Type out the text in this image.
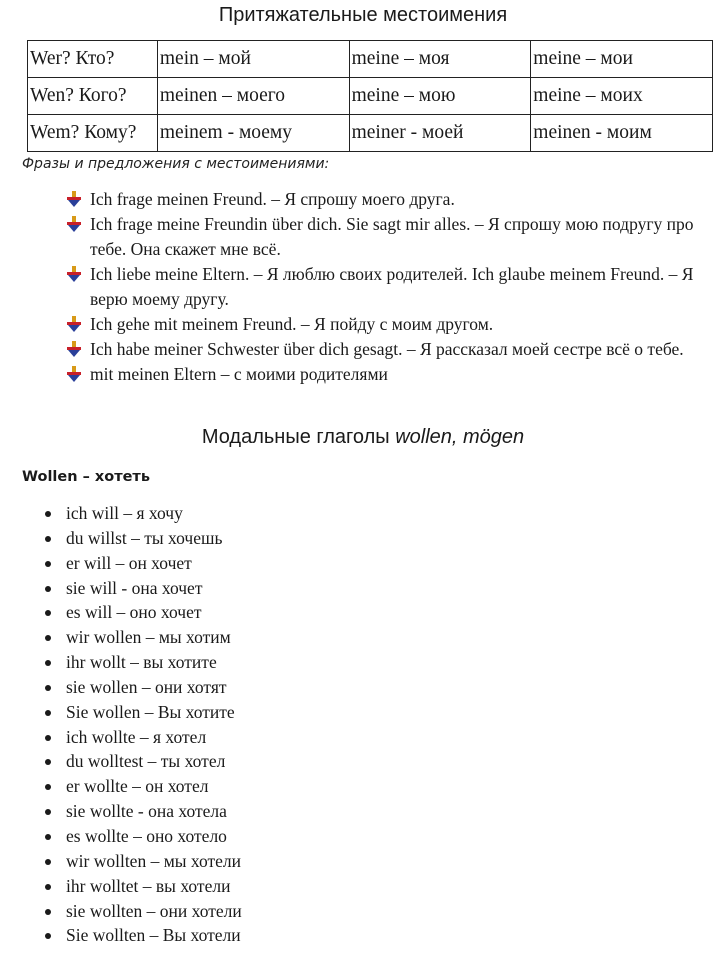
Притяжательные местоимения
Wer? Кто?	mein – мой	meine – моя	meine – мои
Wen? Кого?	meinen – моего	meine – мою	meine – моих
Wem? Кому?	meinem - моему	meiner - моей	meinen - моим
Фразы и предложения с местоимениями:
Ich frage meinen Freund. – Я спрошу моего друга.
Ich frage meine Freundin über dich. Sie sagt mir alles. – Я спрошу мою подругу про тебе. Она скажет мне всё.
Ich liebe meine Eltern. – Я люблю своих родителей. Ich glaube meinem Freund. – Я верю моему другу.
Ich gehe mit meinem Freund. – Я пойду с моим другом.
Ich habe meiner Schwester über dich gesagt. – Я рассказал моей сестре всё о тебе.
mit meinen Eltern – с моими родителями
Модальные глаголы wollen, mögen
Wollen – хотеть
ich will – я хочу
du willst – ты хочешь
er will – он хочет
sie will - она хочет
es will – оно хочет
wir wollen – мы хотим
ihr wollt – вы хотите
sie wollen – они хотят
Sie wollen – Вы хотите
ich wollte – я хотел
du wolltest – ты хотел
er wollte – он хотел
sie wollte - она хотела
es wollte – оно хотело
wir wollten – мы хотели
ihr wolltet – вы хотели
sie wollten – они хотели
Sie wollten – Вы хотели
